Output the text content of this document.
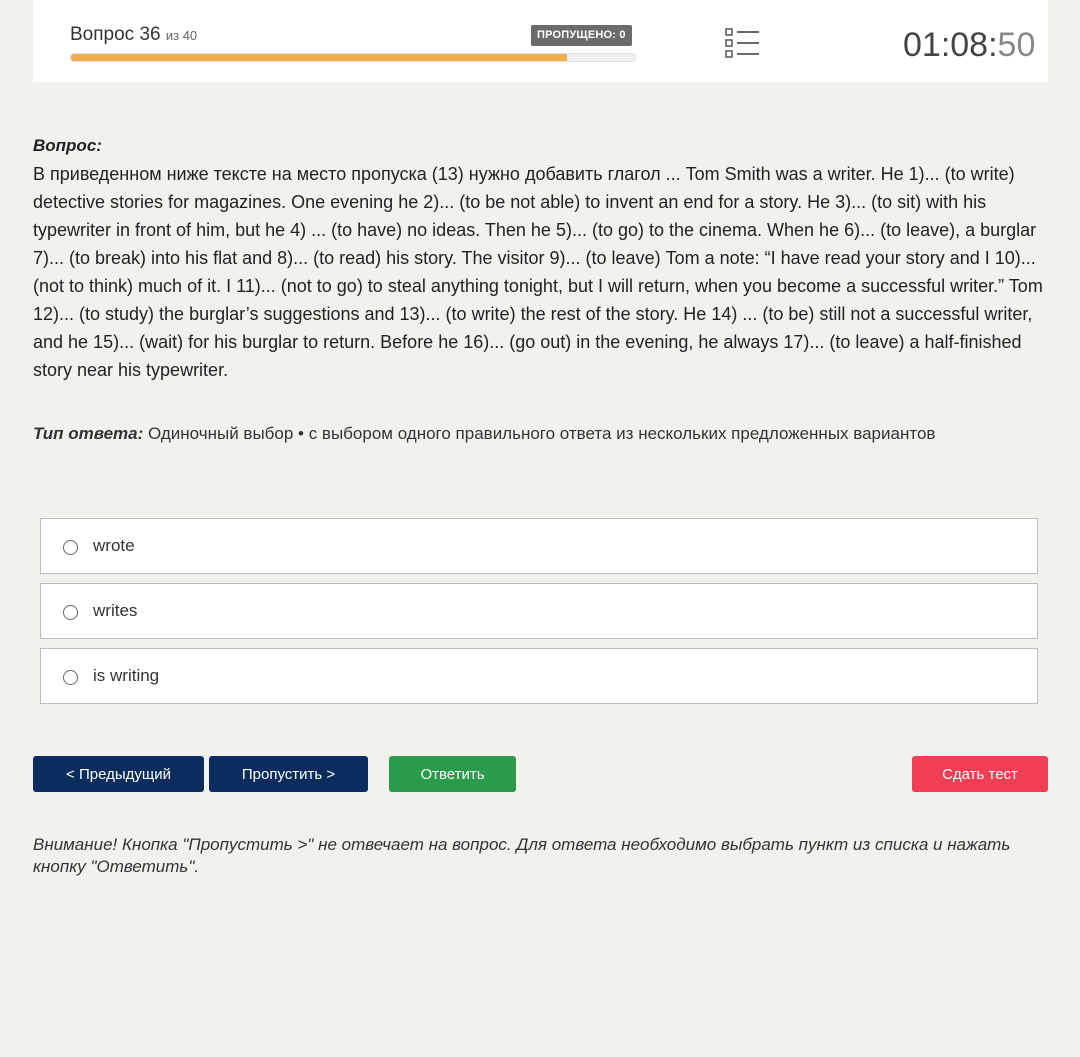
Вопрос 36 из 40	ПРОПУЩЕНО: 0	01:08:50
Вопрос:
В приведенном ниже тексте на место пропуска (13) нужно добавить глагол ... Tom Smith was a writer. He 1)... (to write) detective stories for magazines. One evening he 2)... (to be not able) to invent an end for a story. He 3)... (to sit) with his typewriter in front of him, but he 4) ... (to have) no ideas. Then he 5)... (to go) to the cinema. When he 6)... (to leave), a burglar 7)... (to break) into his flat and 8)... (to read) his story. The visitor 9)... (to leave) Tom a note: “I have read your story and I 10)... (not to think) much of it. I 11)... (not to go) to steal anything tonight, but I will return, when you become a successful writer.” Tom 12)... (to study) the burglar’s suggestions and 13)... (to write) the rest of the story. He 14) ... (to be) still not a successful writer, and he 15)... (wait) for his burglar to return. Before he 16)... (go out) in the evening, he always 17)... (to leave) a half-finished story near his typewriter.
Тип ответа: Одиночный выбор • с выбором одного правильного ответа из нескольких предложенных вариантов
wrote
writes
is writing
< Предыдущий	Пропустить >	Ответить	Сдать тест
Внимание! Кнопка "Пропустить >" не отвечает на вопрос. Для ответа необходимо выбрать пункт из списка и нажать кнопку "Ответить".
